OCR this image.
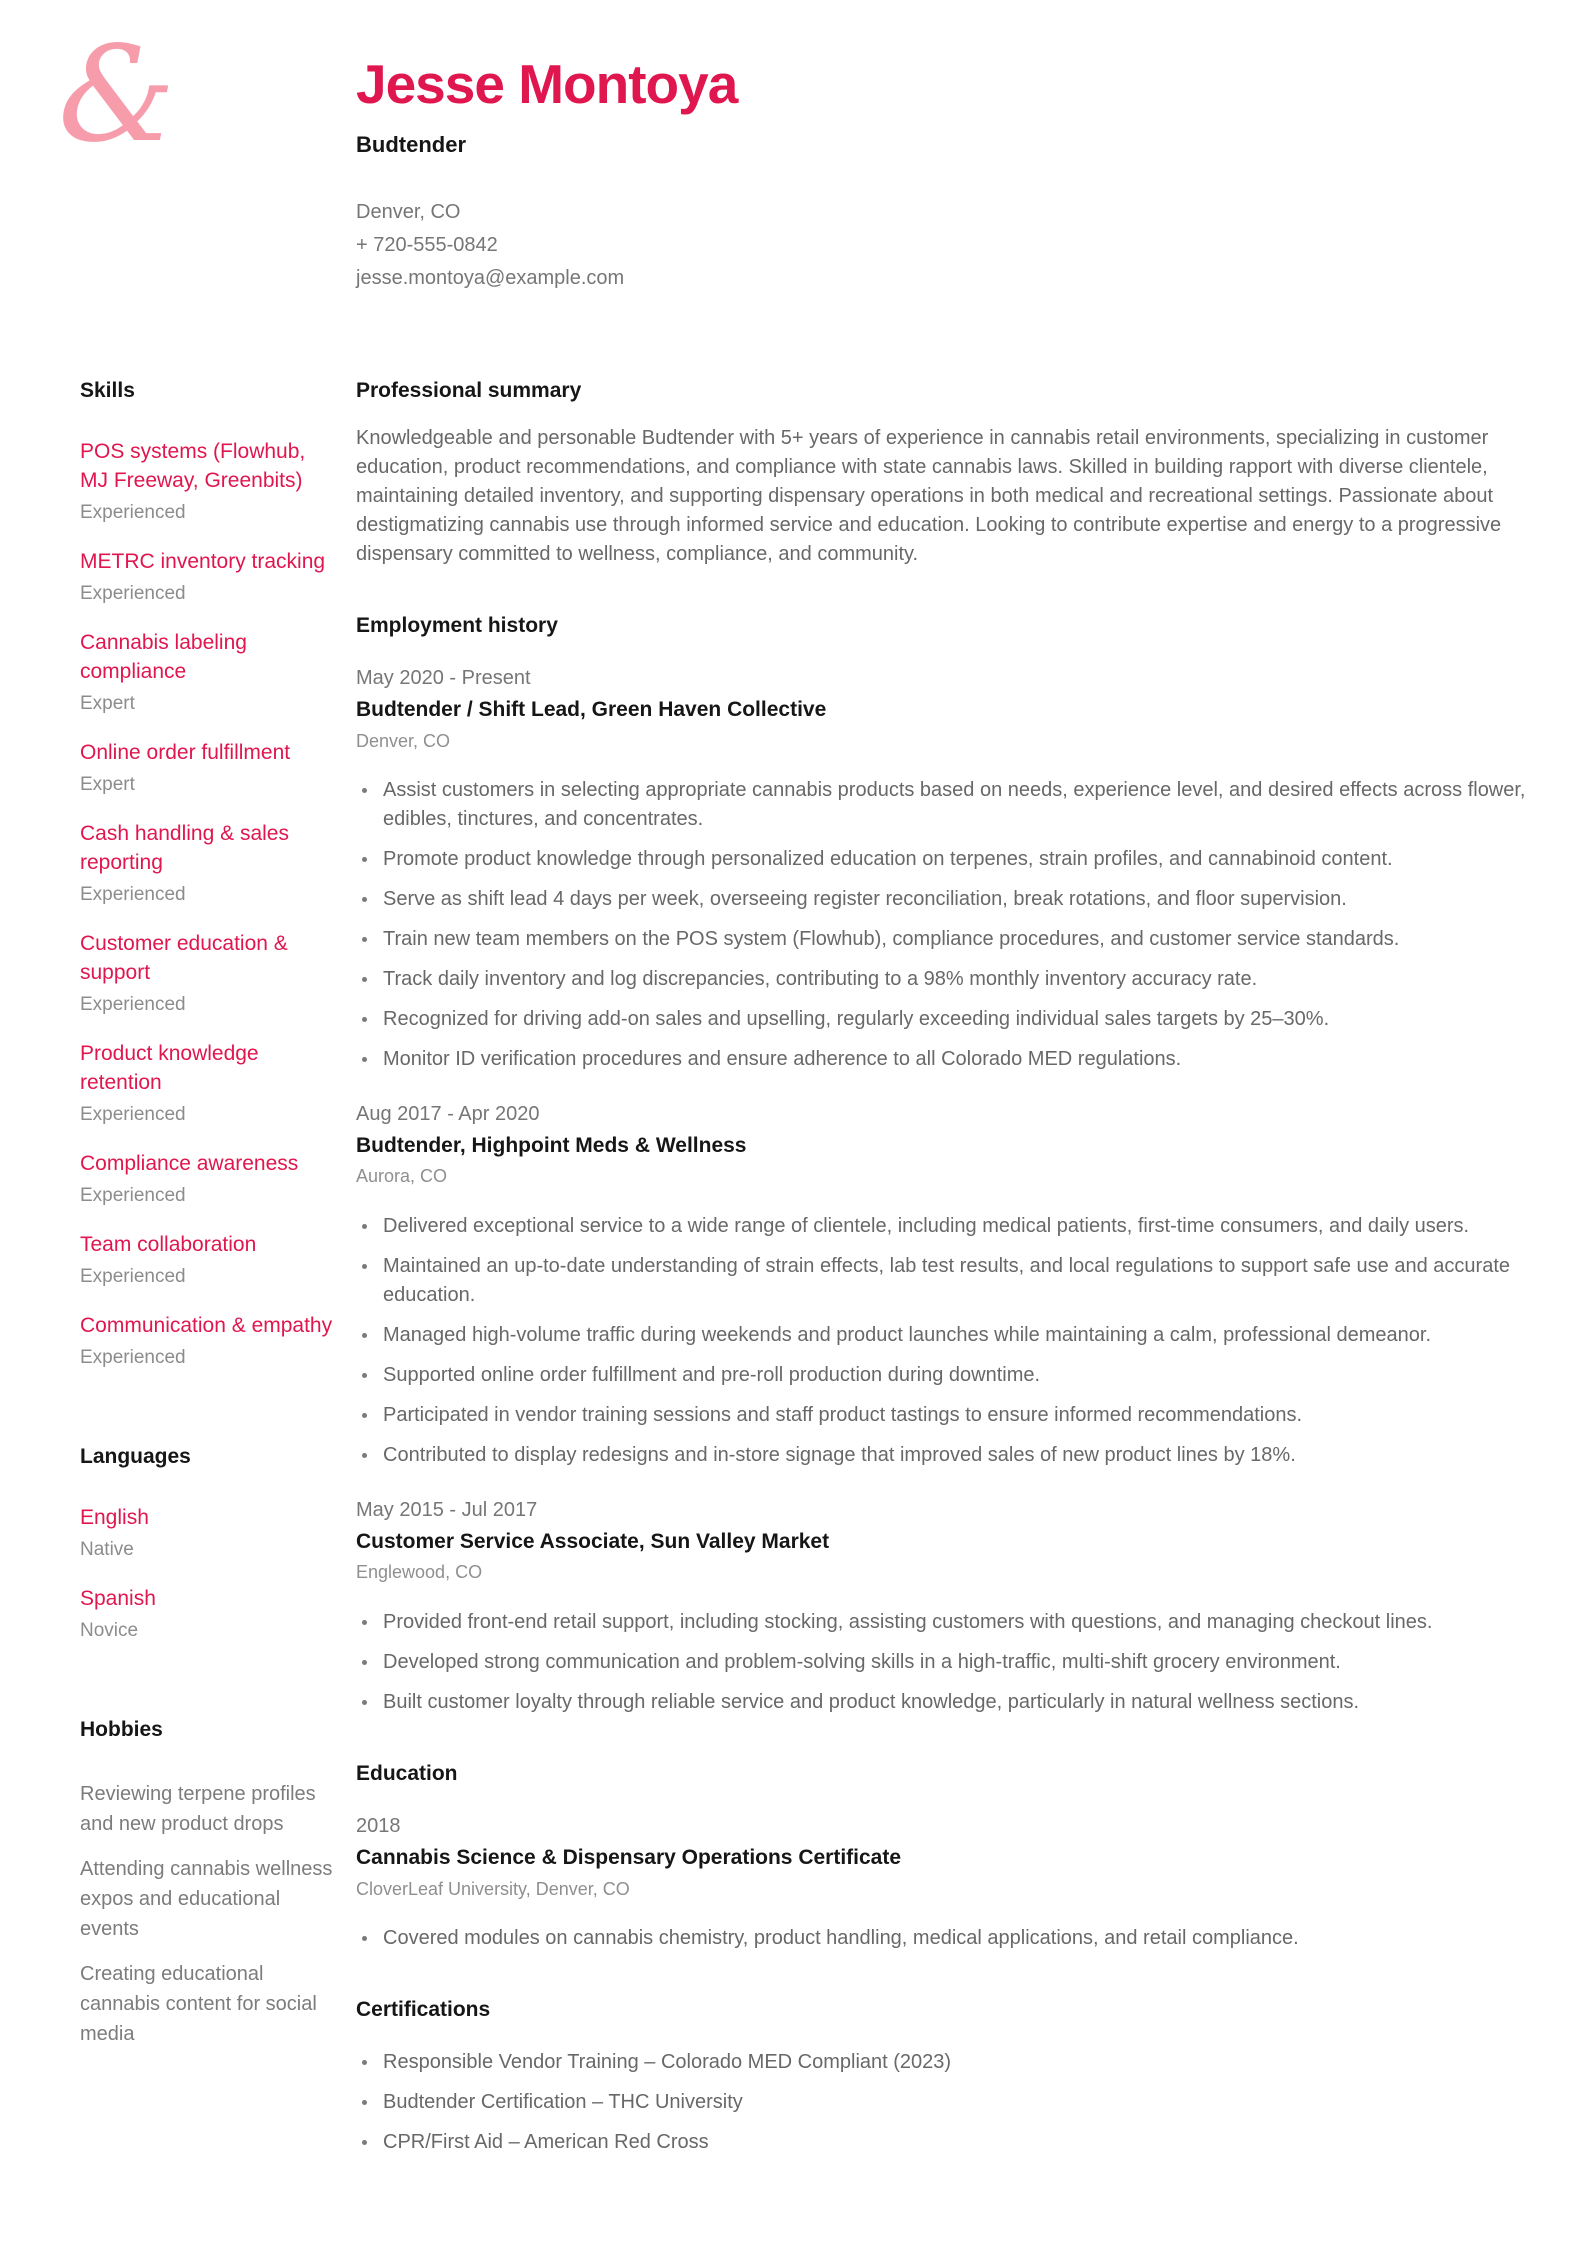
&	Jesse Montoya
Budtender
Denver, CO
+ 720-555-0842
jesse.montoya@example.com
Skills
POS systems (Flowhub, MJ Freeway, Greenbits)
Experienced
METRC inventory tracking
Experienced
Cannabis labeling compliance
Expert
Online order fulfillment
Expert
Cash handling & sales reporting
Experienced
Customer education & support
Experienced
Product knowledge retention
Experienced
Compliance awareness
Experienced
Team collaboration
Experienced
Communication & empathy
Experienced
Languages
English
Native
Spanish
Novice
Hobbies
Reviewing terpene profiles and new product drops
Attending cannabis wellness expos and educational events
Creating educational cannabis content for social media
Professional summary

Knowledgeable and personable Budtender with 5+ years of experience in cannabis retail environments, specializing in customer education, product recommendations, and compliance with state cannabis laws. Skilled in building rapport with diverse clientele, maintaining detailed inventory, and supporting dispensary operations in both medical and recreational settings. Passionate about destigmatizing cannabis use through informed service and education. Looking to contribute expertise and energy to a progressive dispensary committed to wellness, compliance, and community.

Employment history
May 2020 - Present
Budtender / Shift Lead, Green Haven Collective
Denver, CO
Assist customers in selecting appropriate cannabis products based on needs, experience level, and desired effects across flower, edibles, tinctures, and concentrates.
Promote product knowledge through personalized education on terpenes, strain profiles, and cannabinoid content.
Serve as shift lead 4 days per week, overseeing register reconciliation, break rotations, and floor supervision.
Train new team members on the POS system (Flowhub), compliance procedures, and customer service standards.
Track daily inventory and log discrepancies, contributing to a 98% monthly inventory accuracy rate.
Recognized for driving add-on sales and upselling, regularly exceeding individual sales targets by 25–30%.
Monitor ID verification procedures and ensure adherence to all Colorado MED regulations.
Aug 2017 - Apr 2020
Budtender, Highpoint Meds & Wellness
Aurora, CO
Delivered exceptional service to a wide range of clientele, including medical patients, first-time consumers, and daily users.
Maintained an up-to-date understanding of strain effects, lab test results, and local regulations to support safe use and accurate education.
Managed high-volume traffic during weekends and product launches while maintaining a calm, professional demeanor.
Supported online order fulfillment and pre-roll production during downtime.
Participated in vendor training sessions and staff product tastings to ensure informed recommendations.
Contributed to display redesigns and in-store signage that improved sales of new product lines by 18%.
May 2015 - Jul 2017
Customer Service Associate, Sun Valley Market
Englewood, CO
Provided front-end retail support, including stocking, assisting customers with questions, and managing checkout lines.
Developed strong communication and problem-solving skills in a high-traffic, multi-shift grocery environment.
Built customer loyalty through reliable service and product knowledge, particularly in natural wellness sections.
Education
2018
Cannabis Science & Dispensary Operations Certificate
CloverLeaf University, Denver, CO
Covered modules on cannabis chemistry, product handling, medical applications, and retail compliance.
Certifications
Responsible Vendor Training – Colorado MED Compliant (2023)
Budtender Certification – THC University
CPR/First Aid – American Red Cross
